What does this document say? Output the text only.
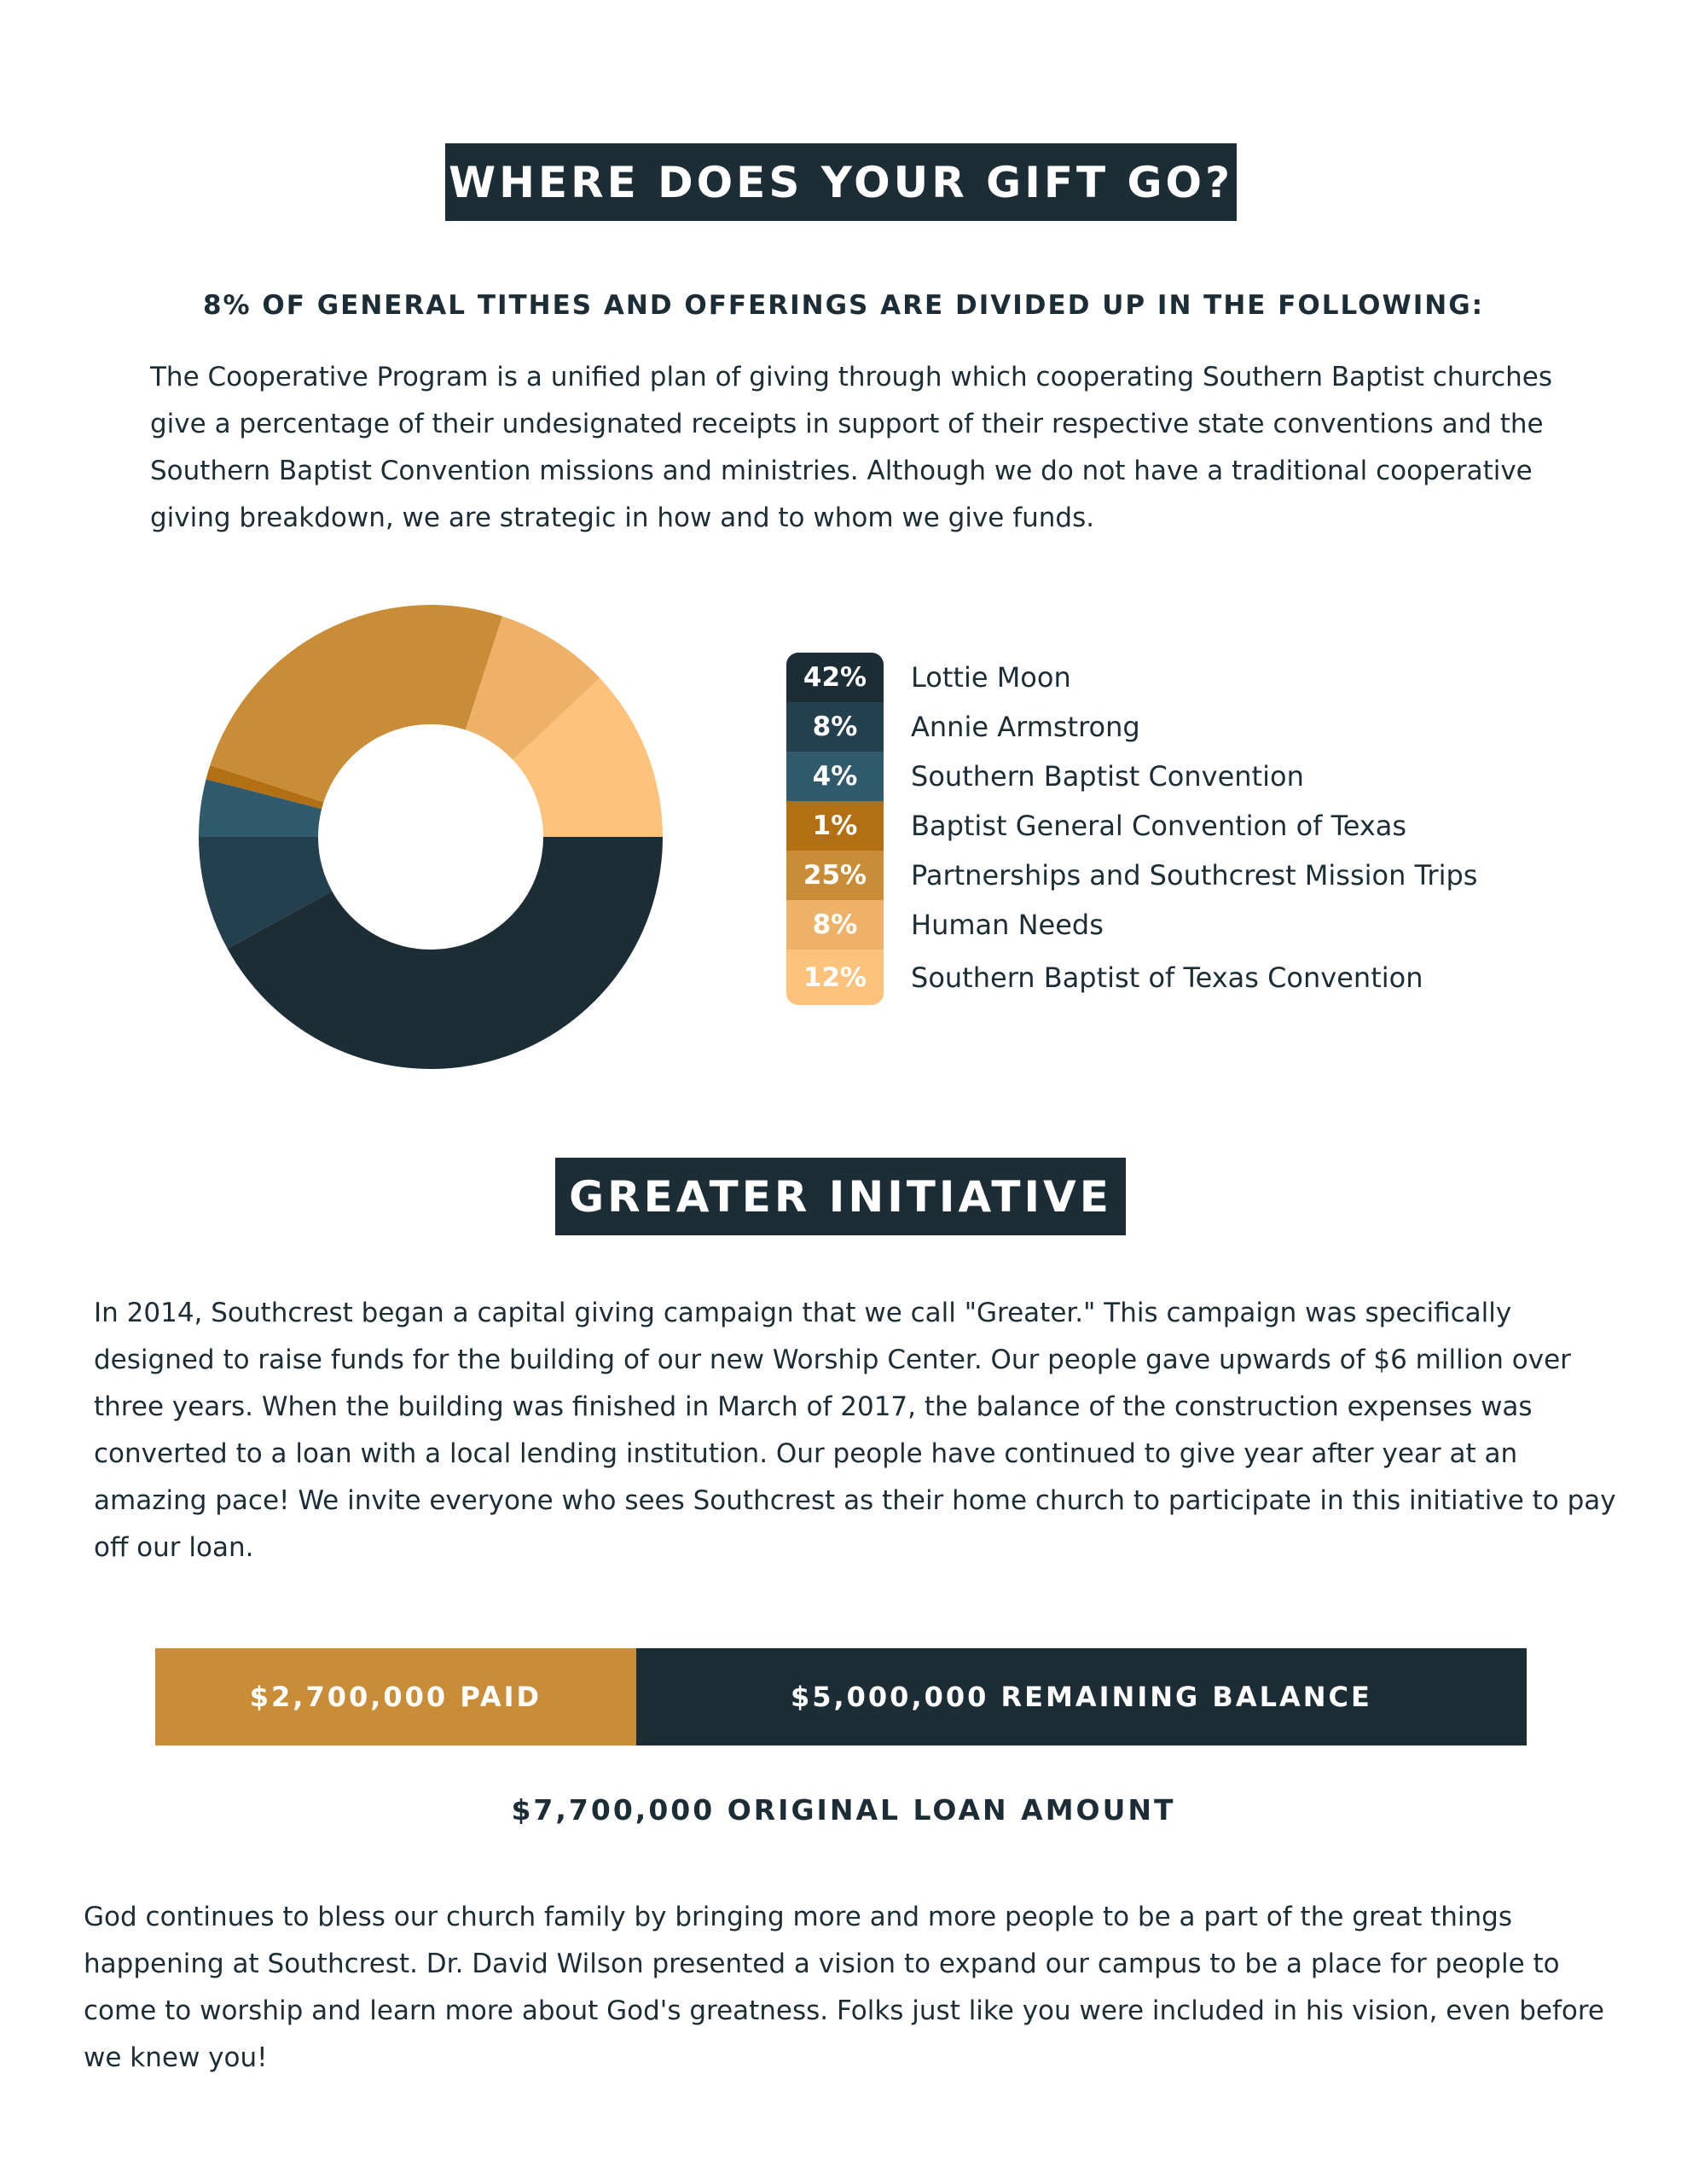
WHERE DOES YOUR GIFT GO?
8% OF GENERAL TITHES AND OFFERINGS ARE DIVIDED UP IN THE FOLLOWING:

The Cooperative Program is a unified plan of giving through which cooperating Southern Baptist churches give a percentage of their undesignated receipts in support of their respective state conventions and the Southern Baptist Convention missions and ministries. Although we do not have a traditional cooperative giving breakdown, we are strategic in how and to whom we give funds.

42%
8%
4%
1%
25%
8%
12%
Lottie Moon
Annie Armstrong
Southern Baptist Convention
Baptist General Convention of Texas
Partnerships and Southcrest Mission Trips
Human Needs
Southern Baptist of Texas Convention
GREATER INITIATIVE

In 2014, Southcrest began a capital giving campaign that we call "Greater." This campaign was specifically designed to raise funds for the building of our new Worship Center. Our people gave upwards of $6 million over three years. When the building was finished in March of 2017, the balance of the construction expenses was converted to a loan with a local lending institution. Our people have continued to give year after year at an amazing pace! We invite everyone who sees Southcrest as their home church to participate in this initiative to pay off our loan.

$2,700,000 PAID	$5,000,000 REMAINING BALANCE
$7,700,000 ORIGINAL LOAN AMOUNT

God continues to bless our church family by bringing more and more people to be a part of the great things happening at Southcrest. Dr. David Wilson presented a vision to expand our campus to be a place for people to come to worship and learn more about God's greatness. Folks just like you were included in his vision, even before we knew you!
